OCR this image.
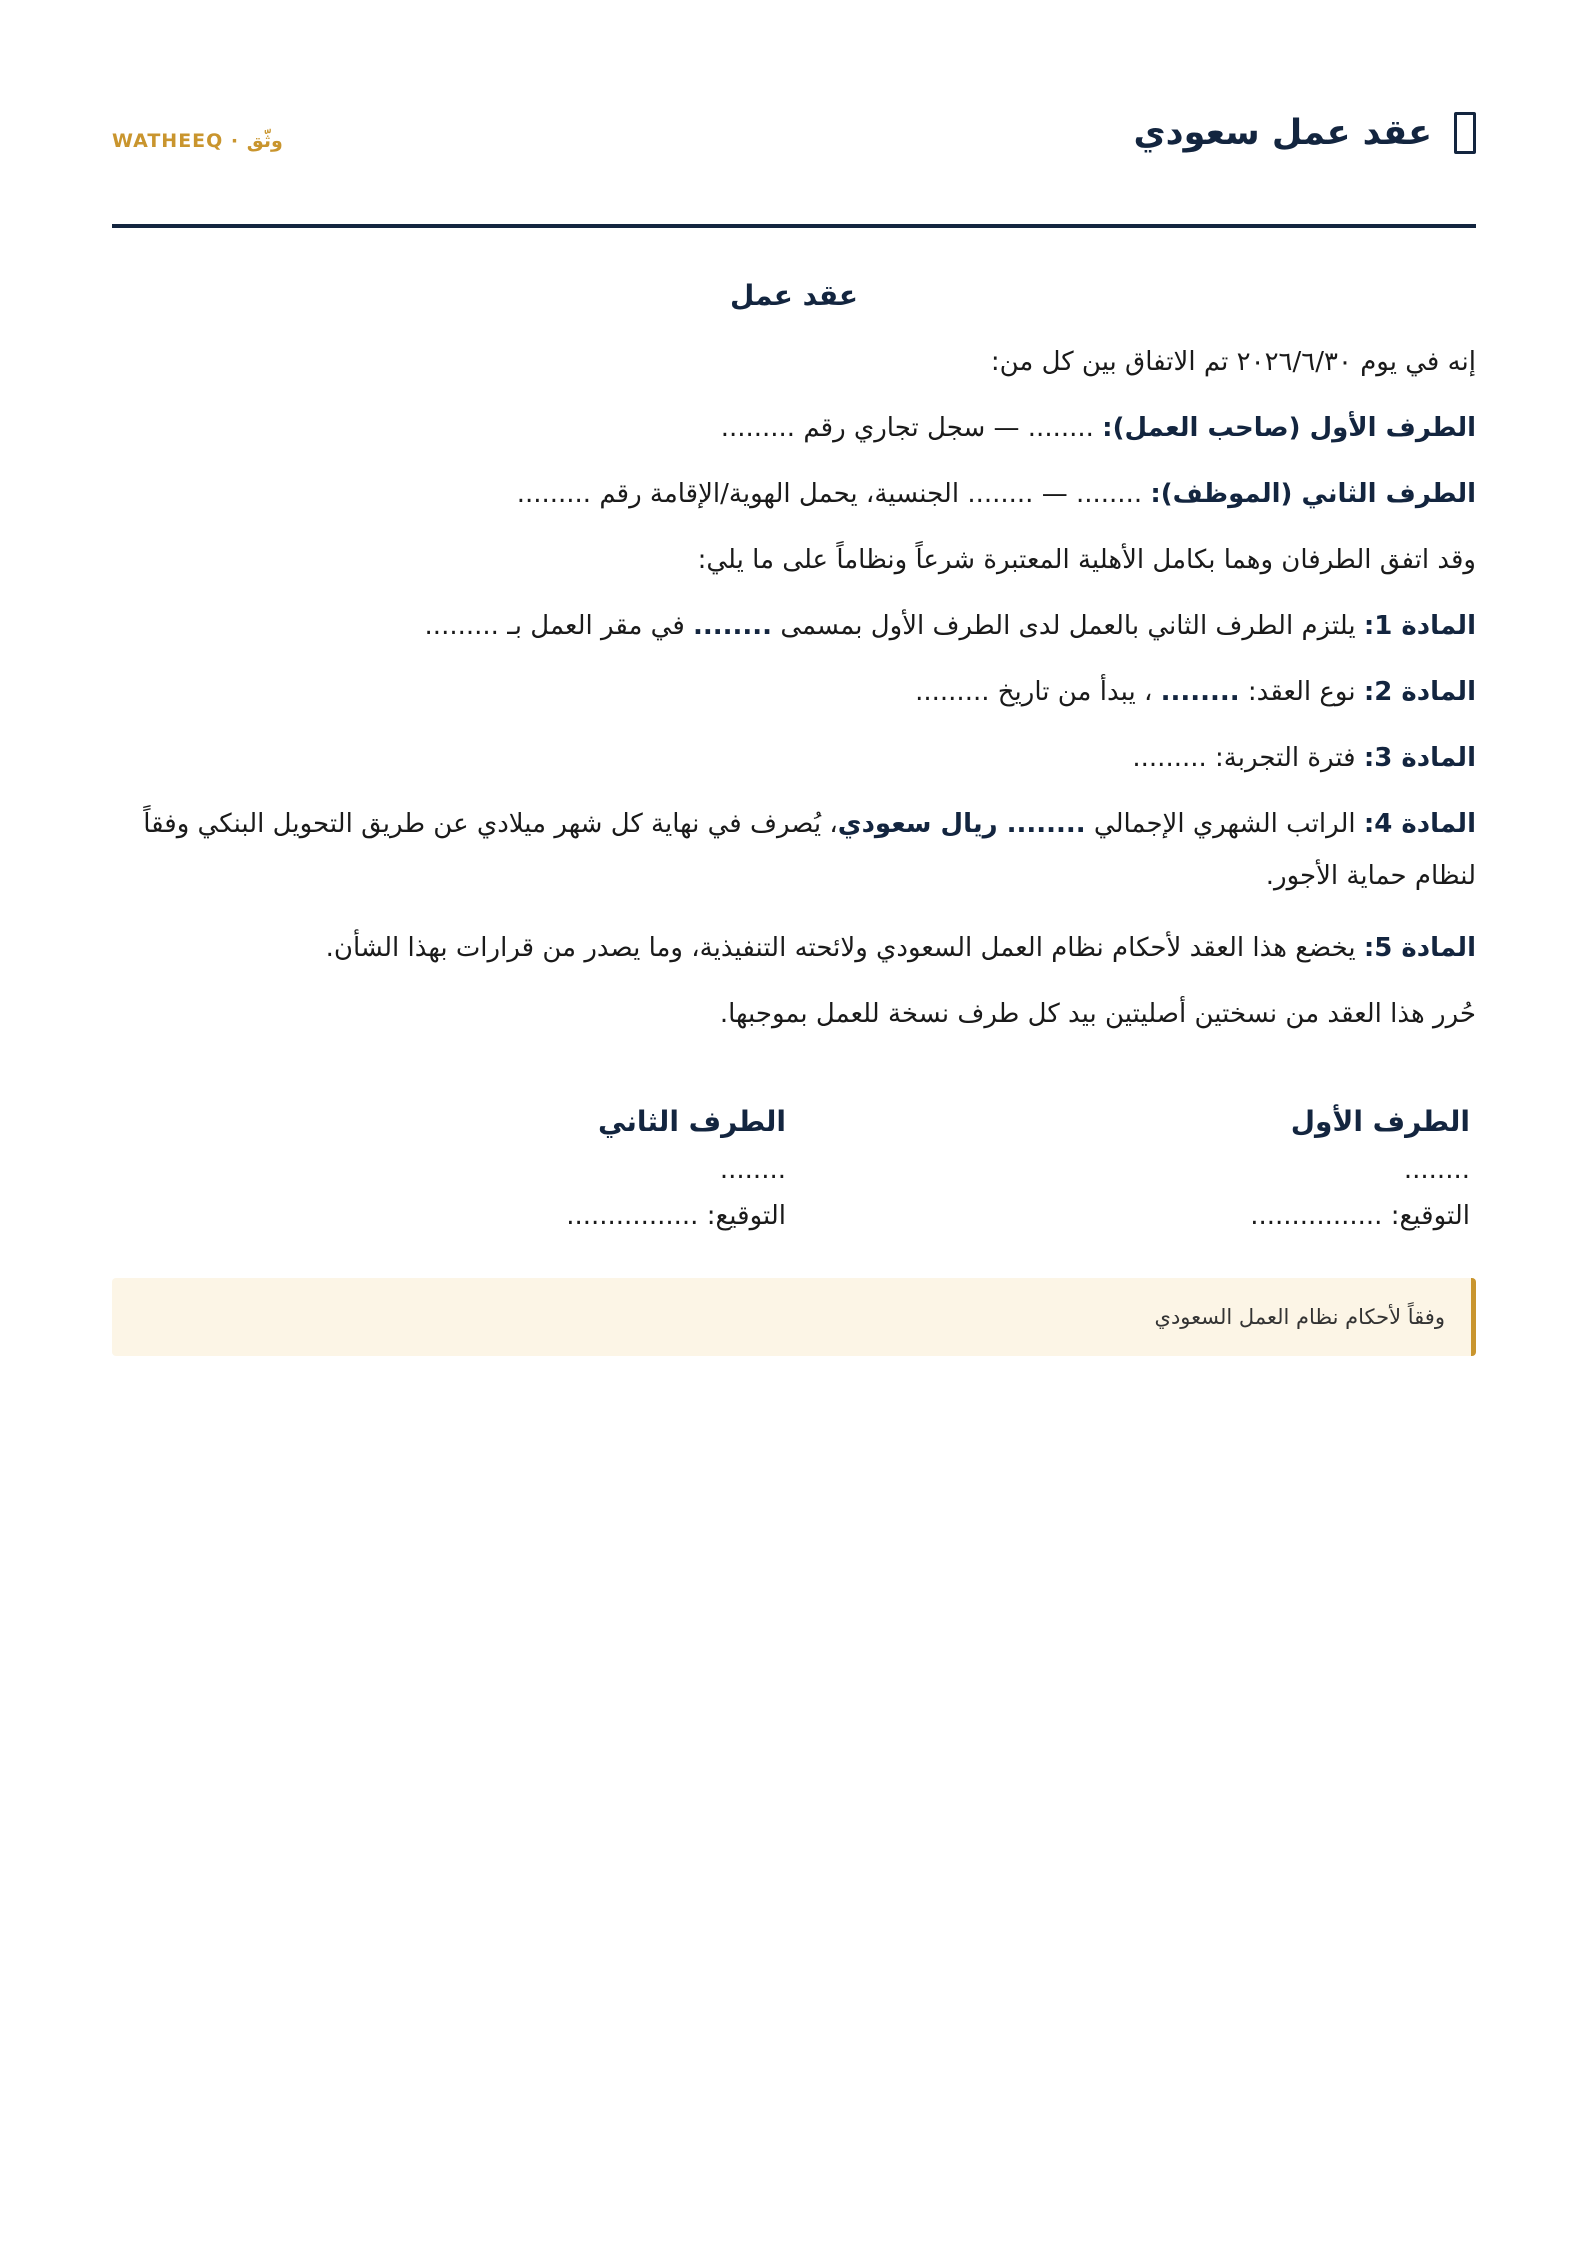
عقد عمل سعودي
WATHEEQ · وثّق
عقد عمل
إنه في يوم ٢٠٢٦/٦/٣٠ تم الاتفاق بين كل من:
الطرف الأول (صاحب العمل): ........ — سجل تجاري رقم .........
الطرف الثاني (الموظف): ........ — ........ الجنسية، يحمل الهوية/الإقامة رقم .........
وقد اتفق الطرفان وهما بكامل الأهلية المعتبرة شرعاً ونظاماً على ما يلي:
المادة 1: يلتزم الطرف الثاني بالعمل لدى الطرف الأول بمسمى ........ في مقر العمل بـ .........
المادة 2: نوع العقد: ........ ، يبدأ من تاريخ .........
المادة 3: فترة التجربة: .........
المادة 4: الراتب الشهري الإجمالي ........ ريال سعودي، يُصرف في نهاية كل شهر ميلادي عن طريق التحويل البنكي وفقاً لنظام حماية الأجور.
المادة 5: يخضع هذا العقد لأحكام نظام العمل السعودي ولائحته التنفيذية، وما يصدر من قرارات بهذا الشأن.
حُرر هذا العقد من نسختين أصليتين بيد كل طرف نسخة للعمل بموجبها.
الطرف الأول
........
التوقيع: ................
الطرف الثاني
........
التوقيع: ................
وفقاً لأحكام نظام العمل السعودي
